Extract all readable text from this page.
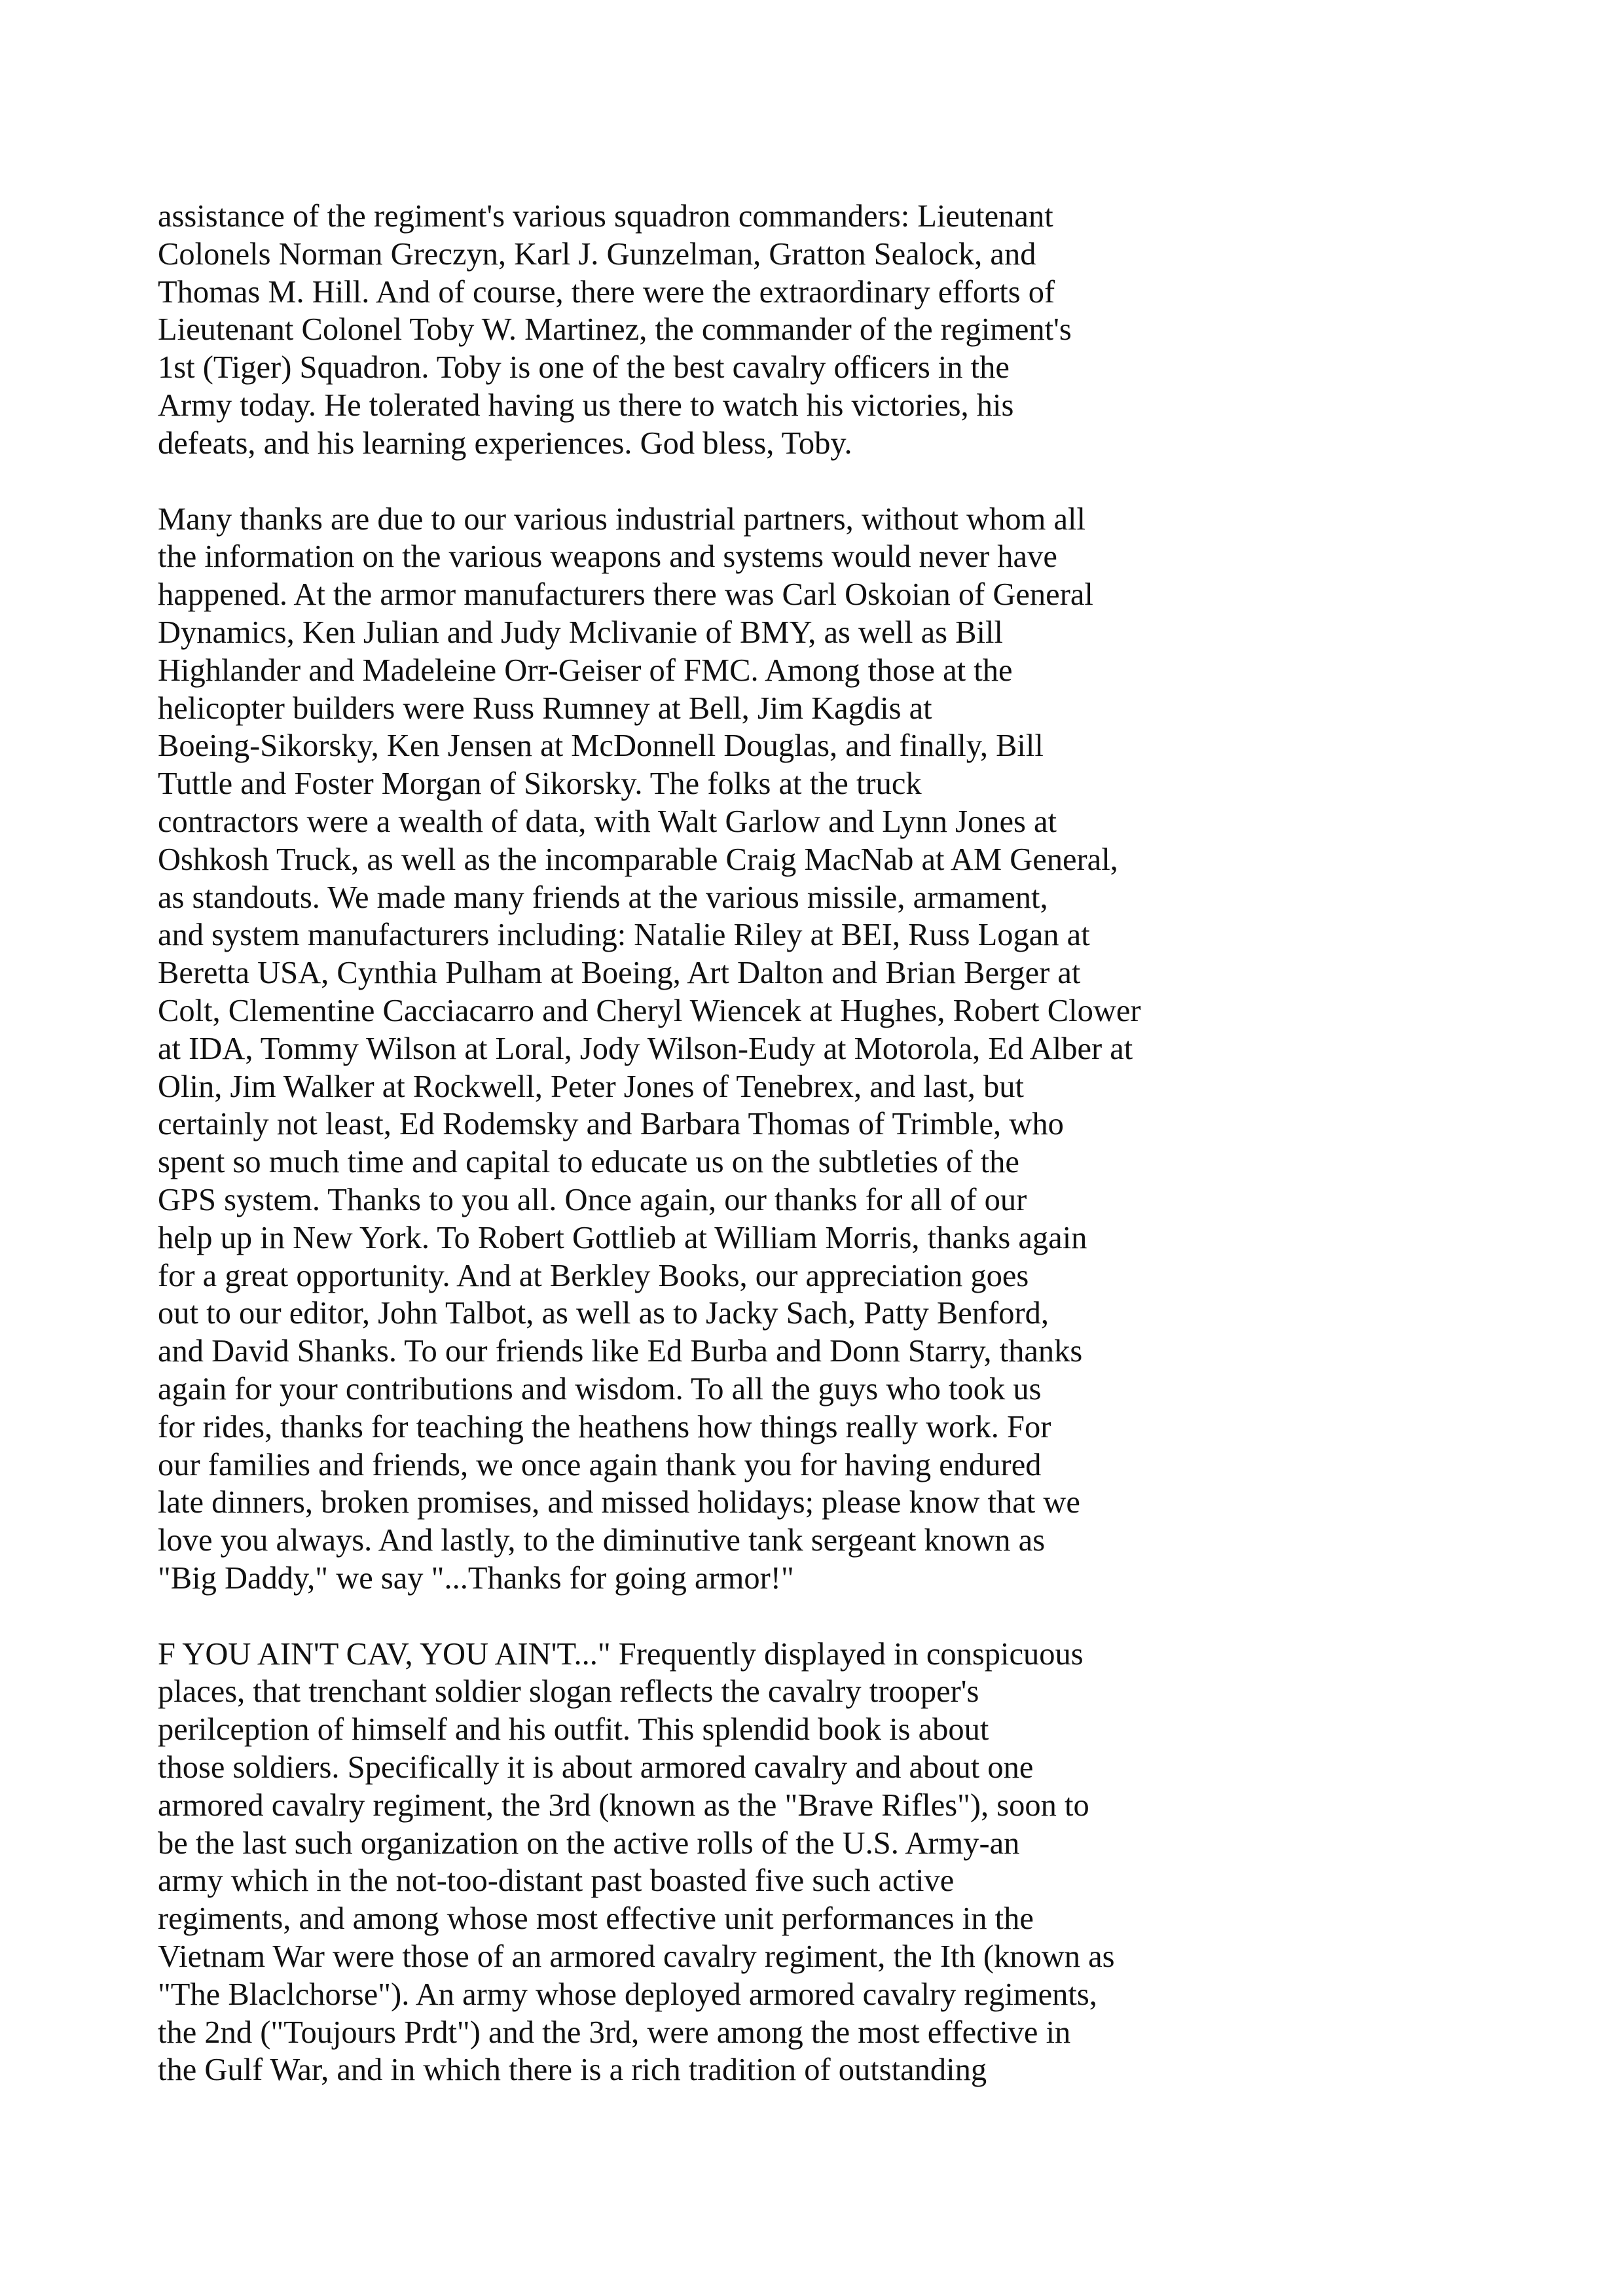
assistance of the regiment's various squadron commanders: Lieutenant
Colonels Norman Greczyn, Karl J. Gunzelman, Gratton Sealock, and
Thomas M. Hill. And of course, there were the extraordinary efforts of
Lieutenant Colonel Toby W. Martinez, the commander of the regiment's
1st (Tiger) Squadron. Toby is one of the best cavalry officers in the
Army today. He tolerated having us there to watch his victories, his
defeats, and his learning experiences. God bless, Toby.
Many thanks are due to our various industrial partners, without whom all
the information on the various weapons and systems would never have
happened. At the armor manufacturers there was Carl Oskoian of General
Dynamics, Ken Julian and Judy Mclivanie of BMY, as well as Bill
Highlander and Madeleine Orr-Geiser of FMC. Among those at the
helicopter builders were Russ Rumney at Bell, Jim Kagdis at
Boeing-Sikorsky, Ken Jensen at McDonnell Douglas, and finally, Bill
Tuttle and Foster Morgan of Sikorsky. The folks at the truck
contractors were a wealth of data, with Walt Garlow and Lynn Jones at
Oshkosh Truck, as well as the incomparable Craig MacNab at AM General,
as standouts. We made many friends at the various missile, armament,
and system manufacturers including: Natalie Riley at BEI, Russ Logan at
Beretta USA, Cynthia Pulham at Boeing, Art Dalton and Brian Berger at
Colt, Clementine Cacciacarro and Cheryl Wiencek at Hughes, Robert Clower
at IDA, Tommy Wilson at Loral, Jody Wilson-Eudy at Motorola, Ed Alber at
Olin, Jim Walker at Rockwell, Peter Jones of Tenebrex, and last, but
certainly not least, Ed Rodemsky and Barbara Thomas of Trimble, who
spent so much time and capital to educate us on the subtleties of the
GPS system. Thanks to you all. Once again, our thanks for all of our
help up in New York. To Robert Gottlieb at William Morris, thanks again
for a great opportunity. And at Berkley Books, our appreciation goes
out to our editor, John Talbot, as well as to Jacky Sach, Patty Benford,
and David Shanks. To our friends like Ed Burba and Donn Starry, thanks
again for your contributions and wisdom. To all the guys who took us
for rides, thanks for teaching the heathens how things really work. For
our families and friends, we once again thank you for having endured
late dinners, broken promises, and missed holidays; please know that we
love you always. And lastly, to the diminutive tank sergeant known as
"Big Daddy," we say "...Thanks for going armor!"
F YOU AIN'T CAV, YOU AIN'T..." Frequently displayed in conspicuous
places, that trenchant soldier slogan reflects the cavalry trooper's
perilception of himself and his outfit. This splendid book is about
those soldiers. Specifically it is about armored cavalry and about one
armored cavalry regiment, the 3rd (known as the "Brave Rifles"), soon to
be the last such organization on the active rolls of the U.S. Army-an
army which in the not-too-distant past boasted five such active
regiments, and among whose most effective unit performances in the
Vietnam War were those of an armored cavalry regiment, the Ith (known as
"The Blaclchorse"). An army whose deployed armored cavalry regiments,
the 2nd ("Toujours Prdt") and the 3rd, were among the most effective in
the Gulf War, and in which there is a rich tradition of outstanding
